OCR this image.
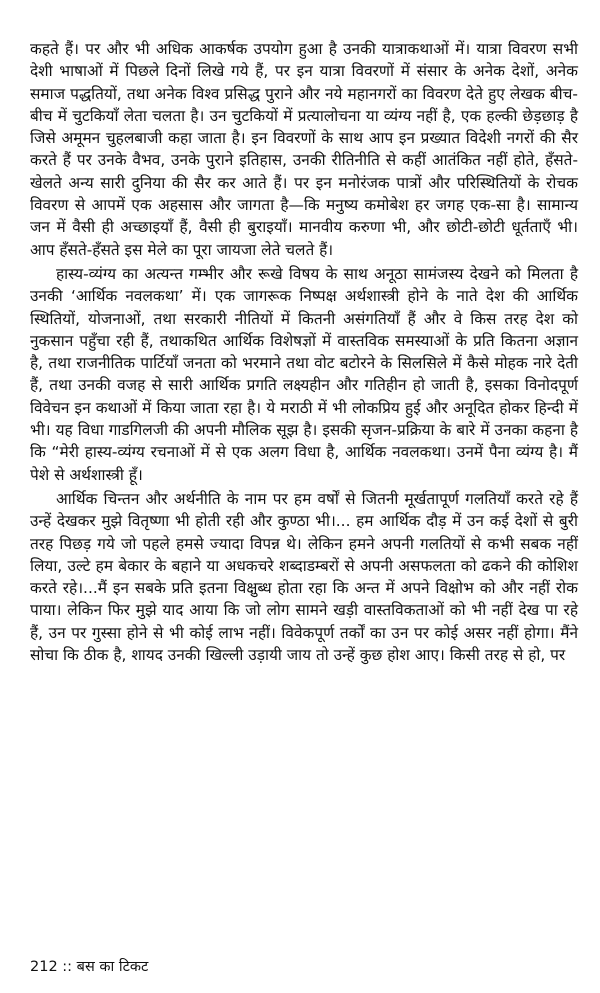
कहते हैं। पर और भी अधिक आकर्षक उपयोग हुआ है उनकी यात्राकथाओं में। यात्रा विवरण सभी देशी भाषाओं में पिछले दिनों लिखे गये हैं, पर इन यात्रा विवरणों में संसार के अनेक देशों, अनेक समाज पद्धतियों, तथा अनेक विश्व प्रसिद्ध पुराने और नये महानगरों का विवरण देते हुए लेखक बीच-बीच में चुटकियाँ लेता चलता है। उन चुटकियों में प्रत्यालोचना या व्यंग्य नहीं है, एक हल्की छेड़छाड़ है जिसे अमूमन चुहलबाजी कहा जाता है। इन विवरणों के साथ आप इन प्रख्यात विदेशी नगरों की सैर करते हैं पर उनके वैभव, उनके पुराने इतिहास, उनकी रीतिनीति से कहीं आतंकित नहीं होते, हँसते-खेलते अन्य सारी दुनिया की सैर कर आते हैं। पर इन मनोरंजक पात्रों और परिस्थितियों के रोचक विवरण से आपमें एक अहसास और जागता है—कि मनुष्य कमोबेश हर जगह एक-सा है। सामान्य जन में वैसी ही अच्छाइयाँ हैं, वैसी ही बुराइयाँ। मानवीय करुणा भी, और छोटी-छोटी धूर्तताएँ भी। आप हँसते-हँसते इस मेले का पूरा जायजा लेते चलते हैं।

हास्य-व्यंग्य का अत्यन्त गम्भीर और रूखे विषय के साथ अनूठा सामंजस्य देखने को मिलता है उनकी ‘आर्थिक नवलकथा’ में। एक जागरूक निष्पक्ष अर्थशास्त्री होने के नाते देश की आर्थिक स्थितियों, योजनाओं, तथा सरकारी नीतियों में कितनी असंगतियाँ हैं और वे किस तरह देश को नुकसान पहुँचा रही हैं, तथाकथित आर्थिक विशेषज्ञों में वास्तविक समस्याओं के प्रति कितना अज्ञान है, तथा राजनीतिक पार्टियाँ जनता को भरमाने तथा वोट बटोरने के सिलसिले में कैसे मोहक नारे देती हैं, तथा उनकी वजह से सारी आर्थिक प्रगति लक्ष्यहीन और गतिहीन हो जाती है, इसका विनोदपूर्ण विवेचन इन कथाओं में किया जाता रहा है। ये मराठी में भी लोकप्रिय हुई और अनूदित होकर हिन्दी में भी। यह विधा गाडगिलजी की अपनी मौलिक सूझ है। इसकी सृजन-प्रक्रिया के बारे में उनका कहना है कि “मेरी हास्य-व्यंग्य रचनाओं में से एक अलग विधा है, आर्थिक नवलकथा। उनमें पैना व्यंग्य है। मैं पेशे से अर्थशास्त्री हूँ।

आर्थिक चिन्तन और अर्थनीति के नाम पर हम वर्षों से जितनी मूर्खतापूर्ण गलतियाँ करते रहे हैं उन्हें देखकर मुझे वितृष्णा भी होती रही और कुण्ठा भी।... हम आर्थिक दौड़ में उन कई देशों से बुरी तरह पिछड़ गये जो पहले हमसे ज्यादा विपन्न थे। लेकिन हमने अपनी गलतियों से कभी सबक नहीं लिया, उल्टे हम बेकार के बहाने या अधकचरे शब्दाडम्बरों से अपनी असफलता को ढकने की कोशिश करते रहे।...मैं इन सबके प्रति इतना विक्षुब्ध होता रहा कि अन्त में अपने विक्षोभ को और नहीं रोक पाया। लेकिन फिर मुझे याद आया कि जो लोग सामने खड़ी वास्तविकताओं को भी नहीं देख पा रहे हैं, उन पर गुस्सा होने से भी कोई लाभ नहीं। विवेकपूर्ण तर्कों का उन पर कोई असर नहीं होगा। मैंने सोचा कि ठीक है, शायद उनकी खिल्ली उड़ायी जाय तो उन्हें कुछ होश आए। किसी तरह से हो, पर

212 :: बस का टिकट
